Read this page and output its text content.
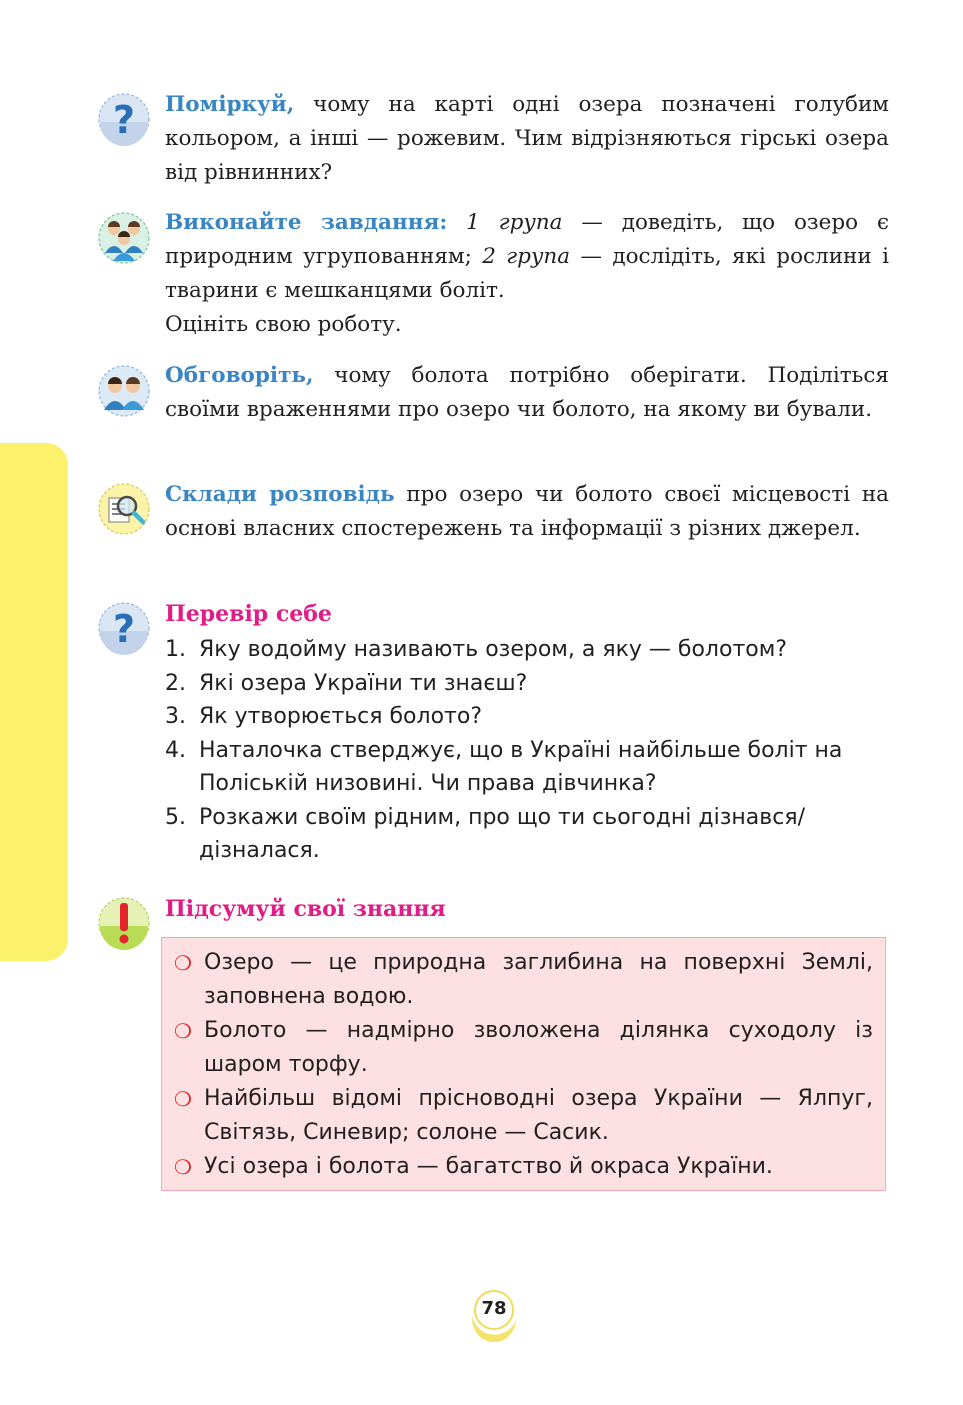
? Поміркуй, чому на карті одні озера позначені голубим кольором, а інші — рожевим. Чим відрізняються гірські озера від рівнинних?

Виконайте завдання: 1 група — доведіть, що озеро є природним угрупованням; 2 група — дослідіть, які рослини і тварини є мешканцями боліт.

Оцініть свою роботу.

Обговоріть, чому болота потрібно оберігати. Поділіться своїми враженнями про озеро чи болото, на якому ви бували.

Склади розповідь про озеро чи болото своєї місцевості на основі власних спостережень та інформації з різних джерел.

? Перевір себе
1. Яку водойму називають озером, а яку — болотом?
2. Які озера України ти знаєш?
3. Як утворюється болото?
4. Наталочка стверджує, що в Україні найбільше боліт на Поліській низовині. Чи права дівчинка?
5. Розкажи своїм рідним, про що ти сьогодні дізнався/ дізналася.
Підсумуй свої знання
❍ Озеро — це природна заглибина на поверхні Землі, заповнена водою.
❍ Болото — надмірно зволожена ділянка суходолу із шаром торфу.
❍ Найбільш відомі прісноводні озера України — Ялпуг, Світязь, Синевир; солоне — Сасик.
❍ Усі озера і болота — багатство й окраса України.
78
